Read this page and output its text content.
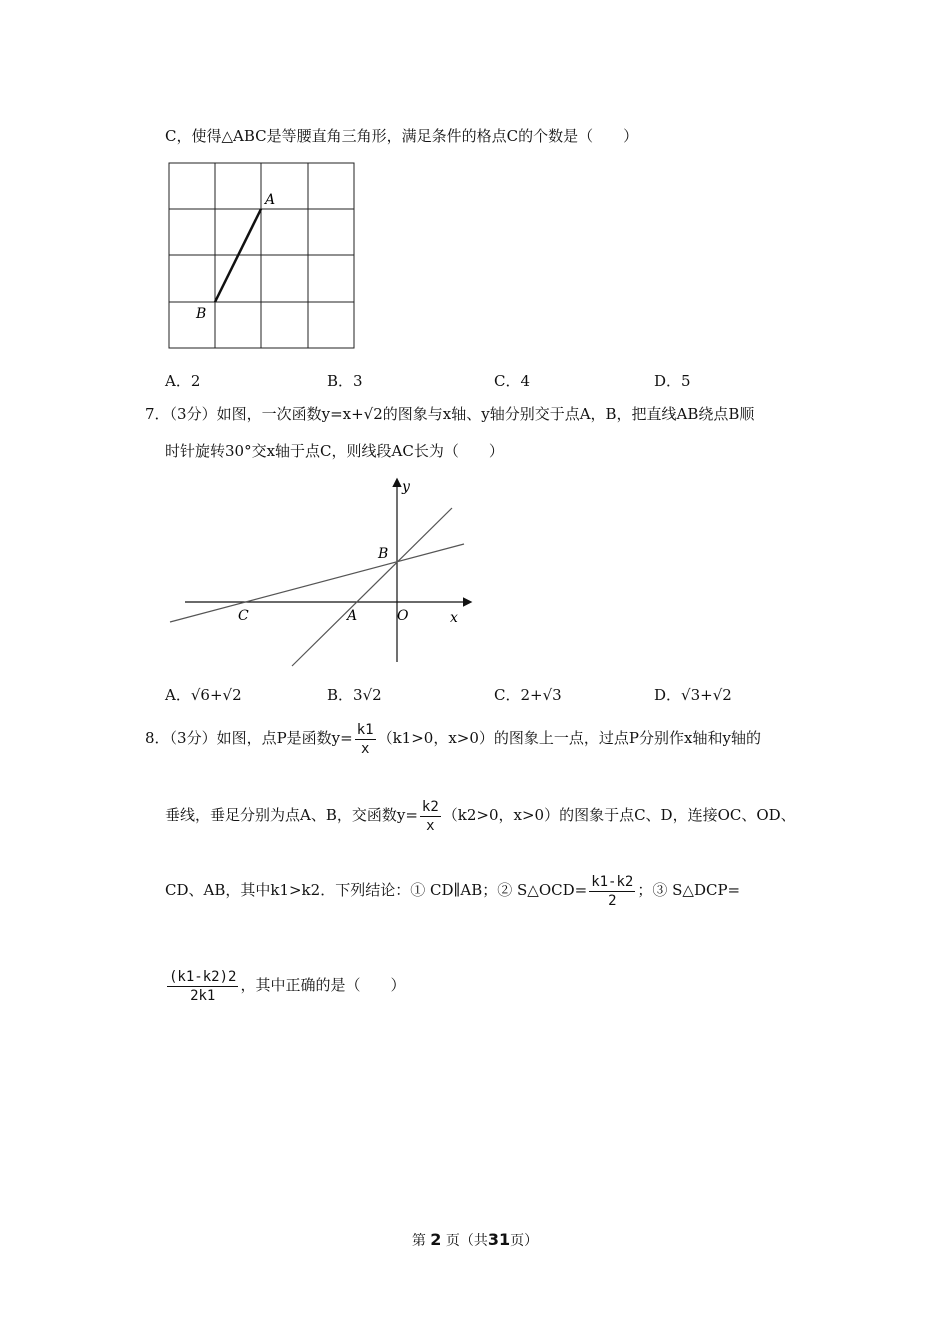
C，使得△ABC是等腰直角三角形，满足条件的格点C的个数是（　　）
A
B
A．2	B．3	C．4	D．5
7．（3分）如图，一次函数y=x+√2的图象与x轴、y轴分别交于点A，B，把直线AB绕点B顺
时针旋转30°交x轴于点C，则线段AC长为（　　）
y
x
B
C	A	O
A．√6+√2	B．3√2	C．2+√3	D．√3+√2
8．（3分）如图，点P是函数$y= \frac{k1}{x} (k1>0$，x>0）的图象上一点，过点P分别作x轴和y轴的
垂线，垂足分别为点A、B，交函数$y= \frac{k2}{x} (k2>0$，x>0）的图象于点C、D，连接OC、OD、
CD、AB，其中k1>k2．下列结论：① CD∥AB；② S△OCD= $\frac{k1-k2}{2}$ ；③ S△DCP=
$\frac{(k1-k2)2}{2k1}$ ，其中正确的是（　　）
第 2 页（共31页）
